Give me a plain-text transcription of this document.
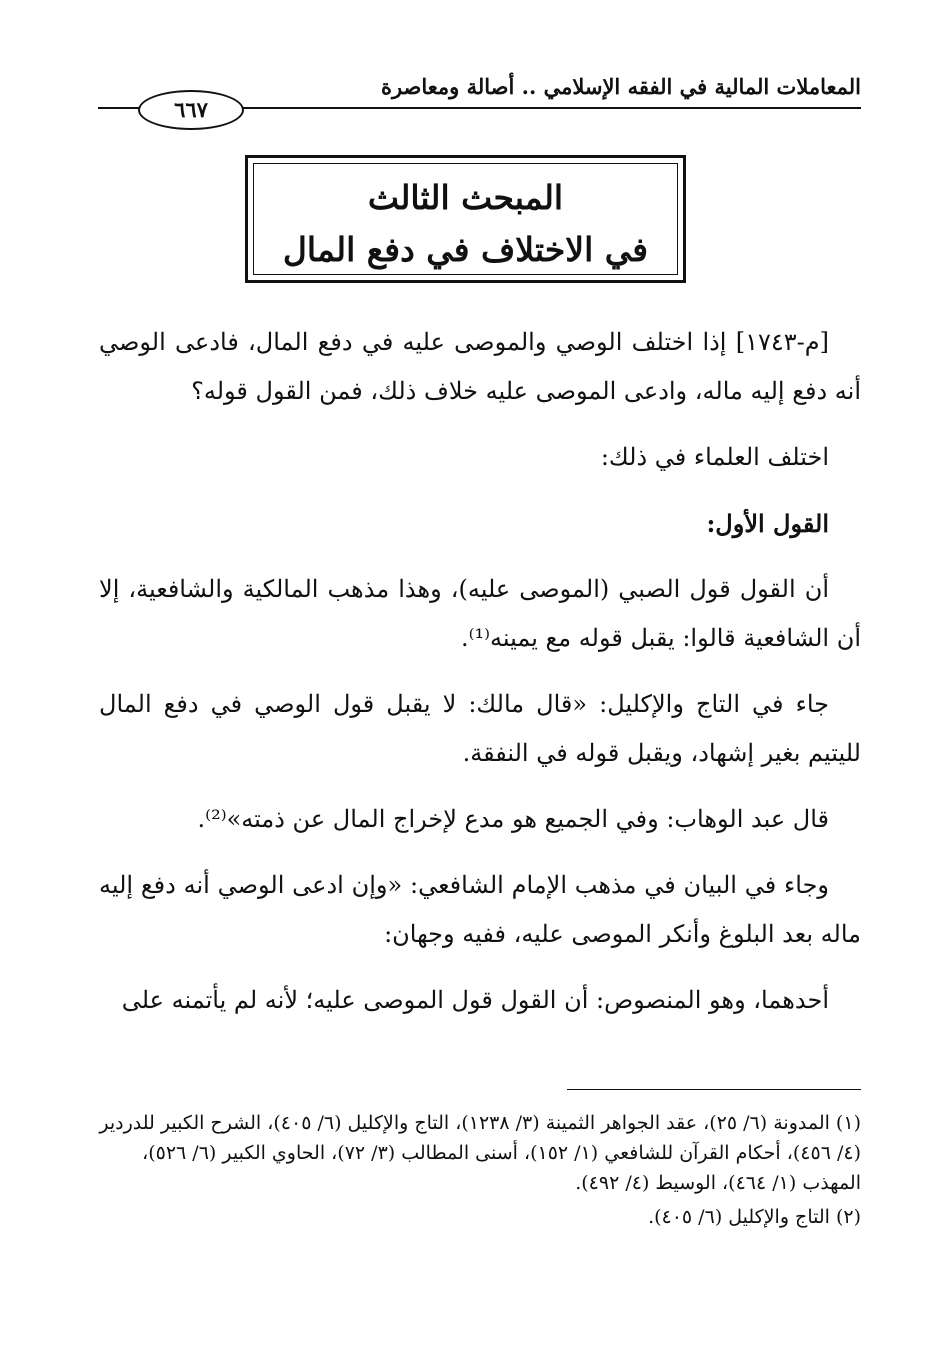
المعاملات المالية في الفقه الإسلامي .. أصالة ومعاصرة
٦٦٧
المبحث الثالث
في الاختلاف في دفع المال

[م-١٧٤٣] إذا اختلف الوصي والموصى عليه في دفع المال، فادعى الوصي أنه دفع إليه ماله، وادعى الموصى عليه خلاف ذلك، فمن القول قوله؟

اختلف العلماء في ذلك:

القول الأول:

أن القول قول الصبي (الموصى عليه)، وهذا مذهب المالكية والشافعية، إلا أن الشافعية قالوا: يقبل قوله مع يمينه⁽¹⁾.

جاء في التاج والإكليل: «قال مالك: لا يقبل قول الوصي في دفع المال لليتيم بغير إشهاد، ويقبل قوله في النفقة.

قال عبد الوهاب: وفي الجميع هو مدع لإخراج المال عن ذمته»⁽²⁾.

وجاء في البيان في مذهب الإمام الشافعي: «وإن ادعى الوصي أنه دفع إليه ماله بعد البلوغ وأنكر الموصى عليه، ففيه وجهان:

أحدهما، وهو المنصوص: أن القول قول الموصى عليه؛ لأنه لم يأتمنه على

(١) المدونة (٦/ ٢٥)، عقد الجواهر الثمينة (٣/ ١٢٣٨)، التاج والإكليل (٦/ ٤٠٥)، الشرح الكبير للدردير (٤/ ٤٥٦)، أحكام القرآن للشافعي (١/ ١٥٢)، أسنى المطالب (٣/ ٧٢)، الحاوي الكبير (٦/ ٥٢٦)، المهذب (١/ ٤٦٤)، الوسيط (٤/ ٤٩٢).

(٢) التاج والإكليل (٦/ ٤٠٥).
